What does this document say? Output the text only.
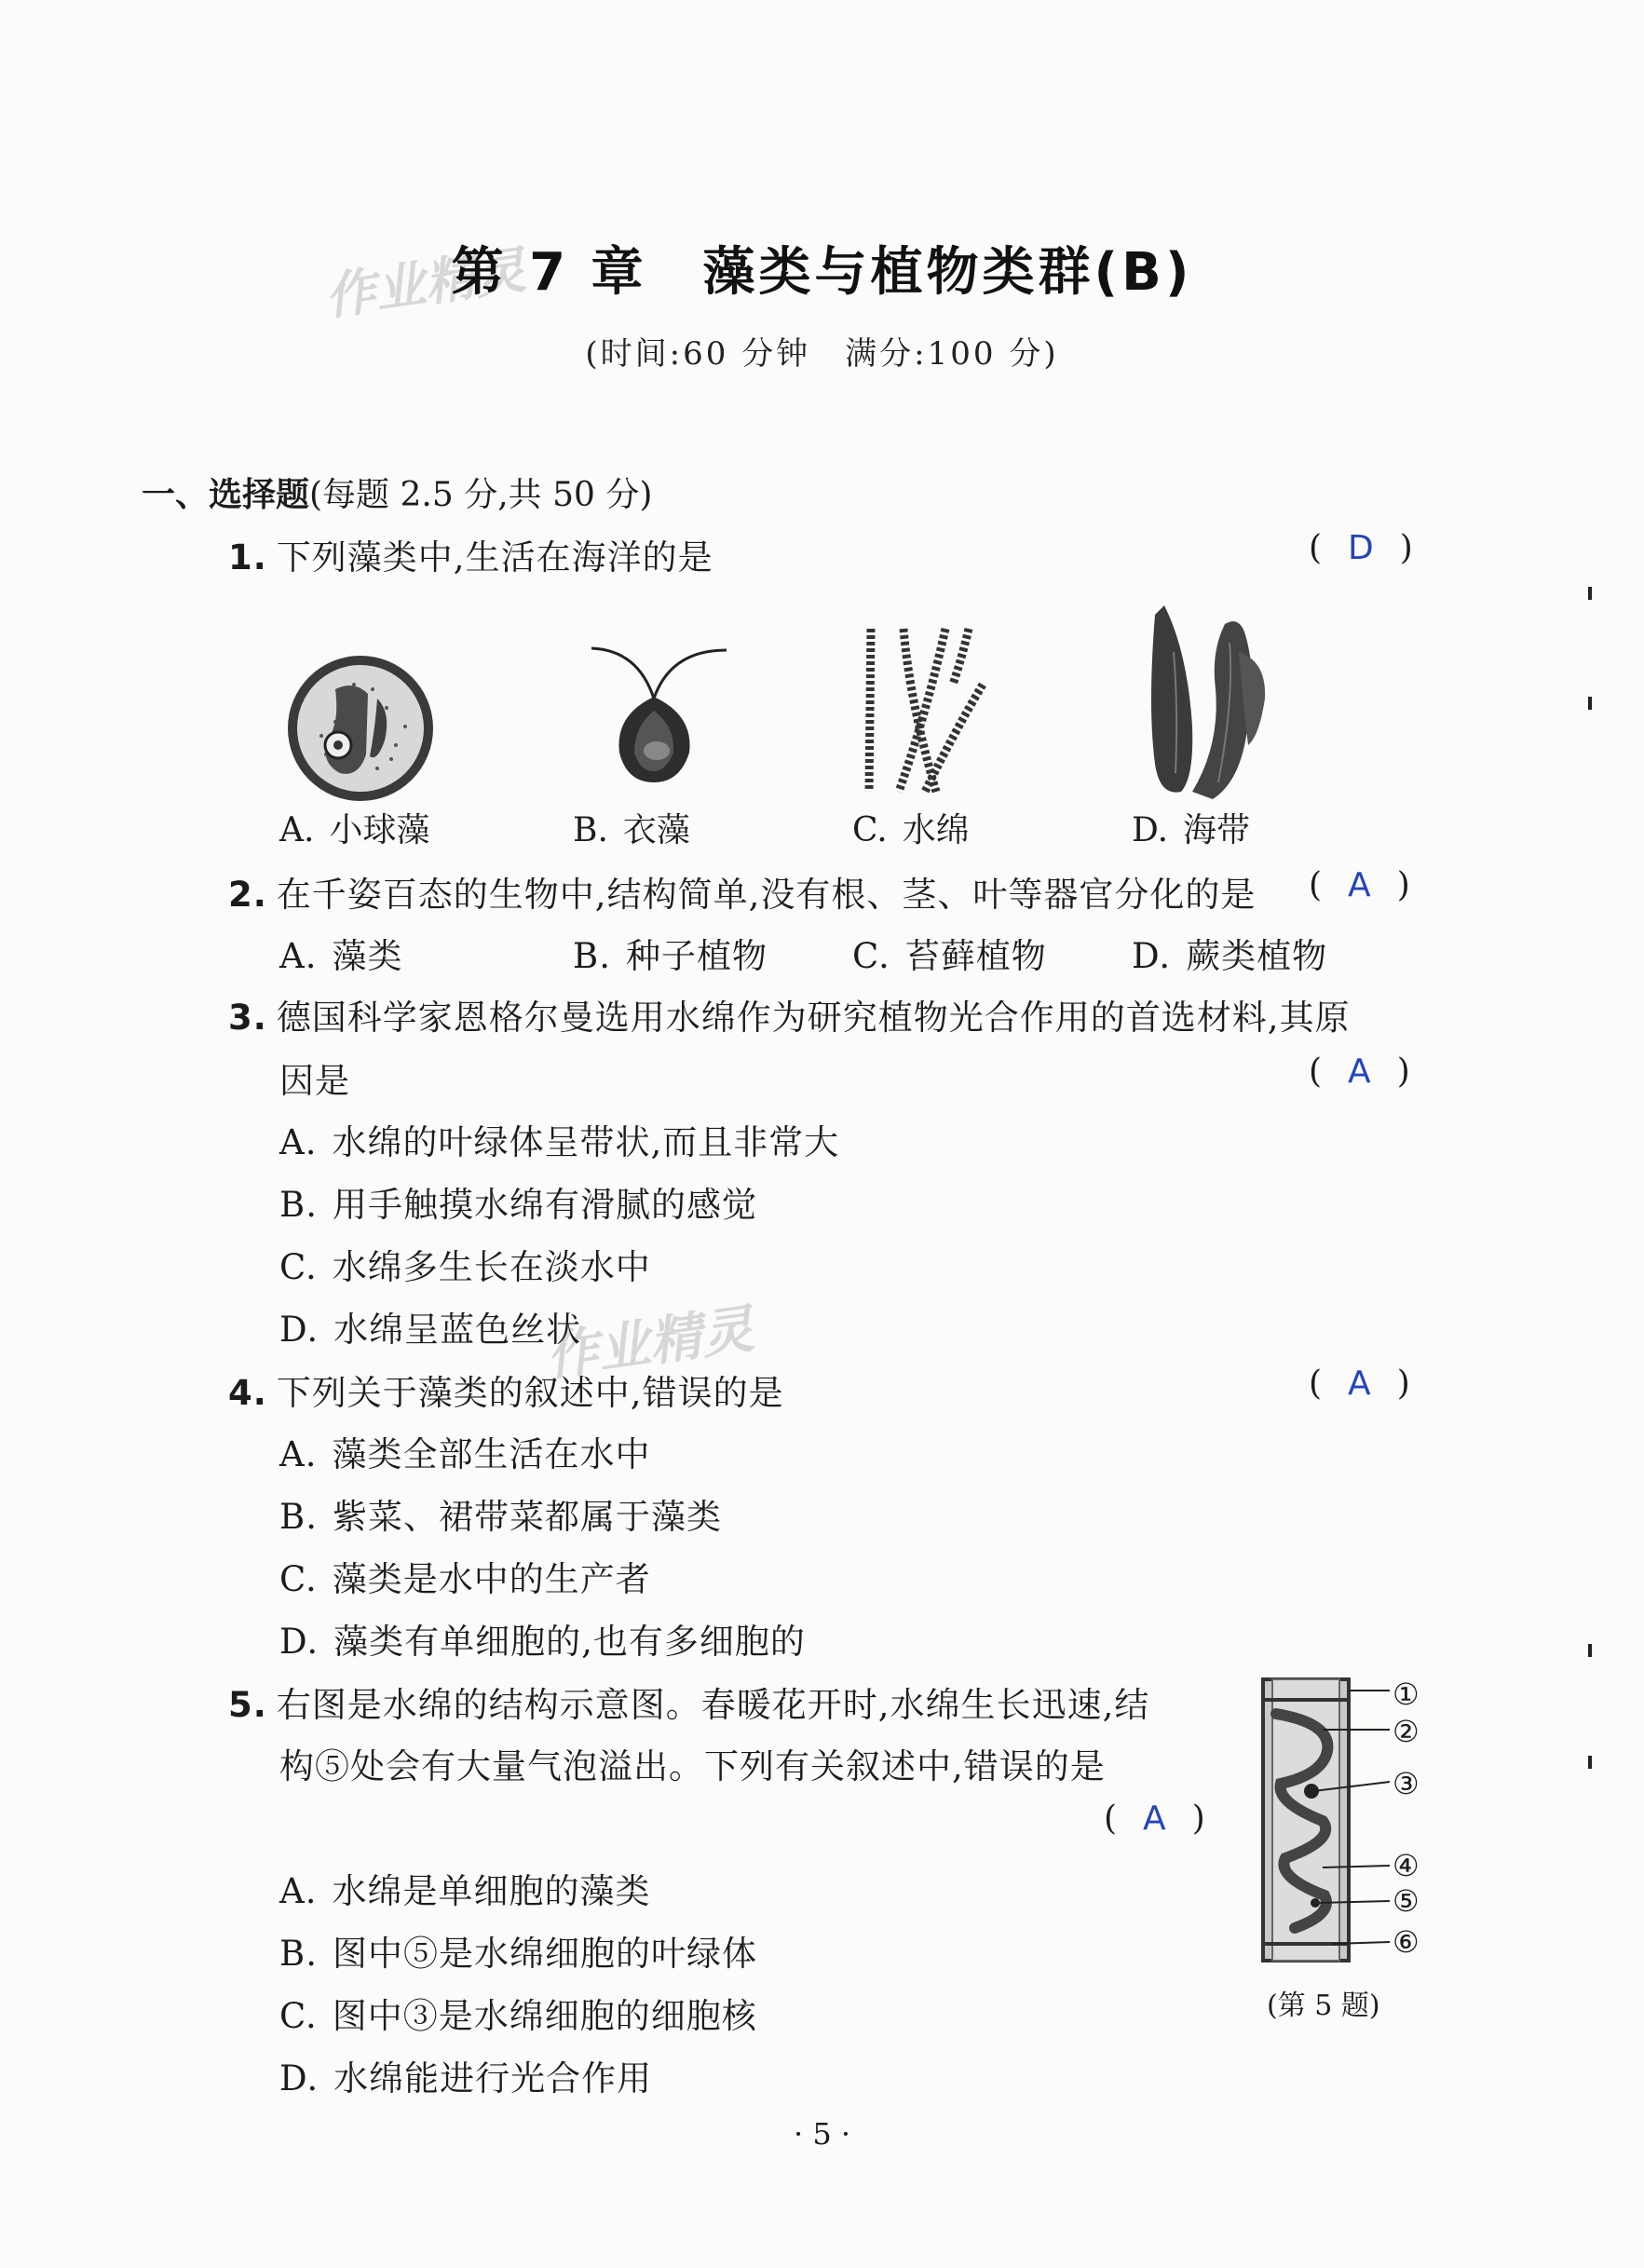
作业精灵
作业精灵
第 7 章　藻类与植物类群(B)
(时间:60 分钟　满分:100 分)
一、选择题(每题 2.5 分,共 50 分)
1. 下列藻类中,生活在海洋的是	( D )
A. 小球藻	B. 衣藻	C. 水绵	D. 海带
2. 在千姿百态的生物中,结构简单,没有根、茎、叶等器官分化的是 ( A )
A. 藻类	B. 种子植物 C. 苔藓植物 D. 蕨类植物
3. 德国科学家恩格尔曼选用水绵作为研究植物光合作用的首选材料,其原
因是	( A )
A. 水绵的叶绿体呈带状,而且非常大
B. 用手触摸水绵有滑腻的感觉
C. 水绵多生长在淡水中
D. 水绵呈蓝色丝状
4. 下列关于藻类的叙述中,错误的是	( A )
A. 藻类全部生活在水中
B. 紫菜、裙带菜都属于藻类
C. 藻类是水中的生产者
D. 藻类有单细胞的,也有多细胞的
5. 右图是水绵的结构示意图。春暖花开时,水绵生长迅速,结
构⑤处会有大量气泡溢出。下列有关叙述中,错误的是
( A )
A. 水绵是单细胞的藻类
B. 图中⑤是水绵细胞的叶绿体
C. 图中③是水绵细胞的细胞核
D. 水绵能进行光合作用
①
②
③
④
⑤
⑥
(第 5 题)
· 5 ·
